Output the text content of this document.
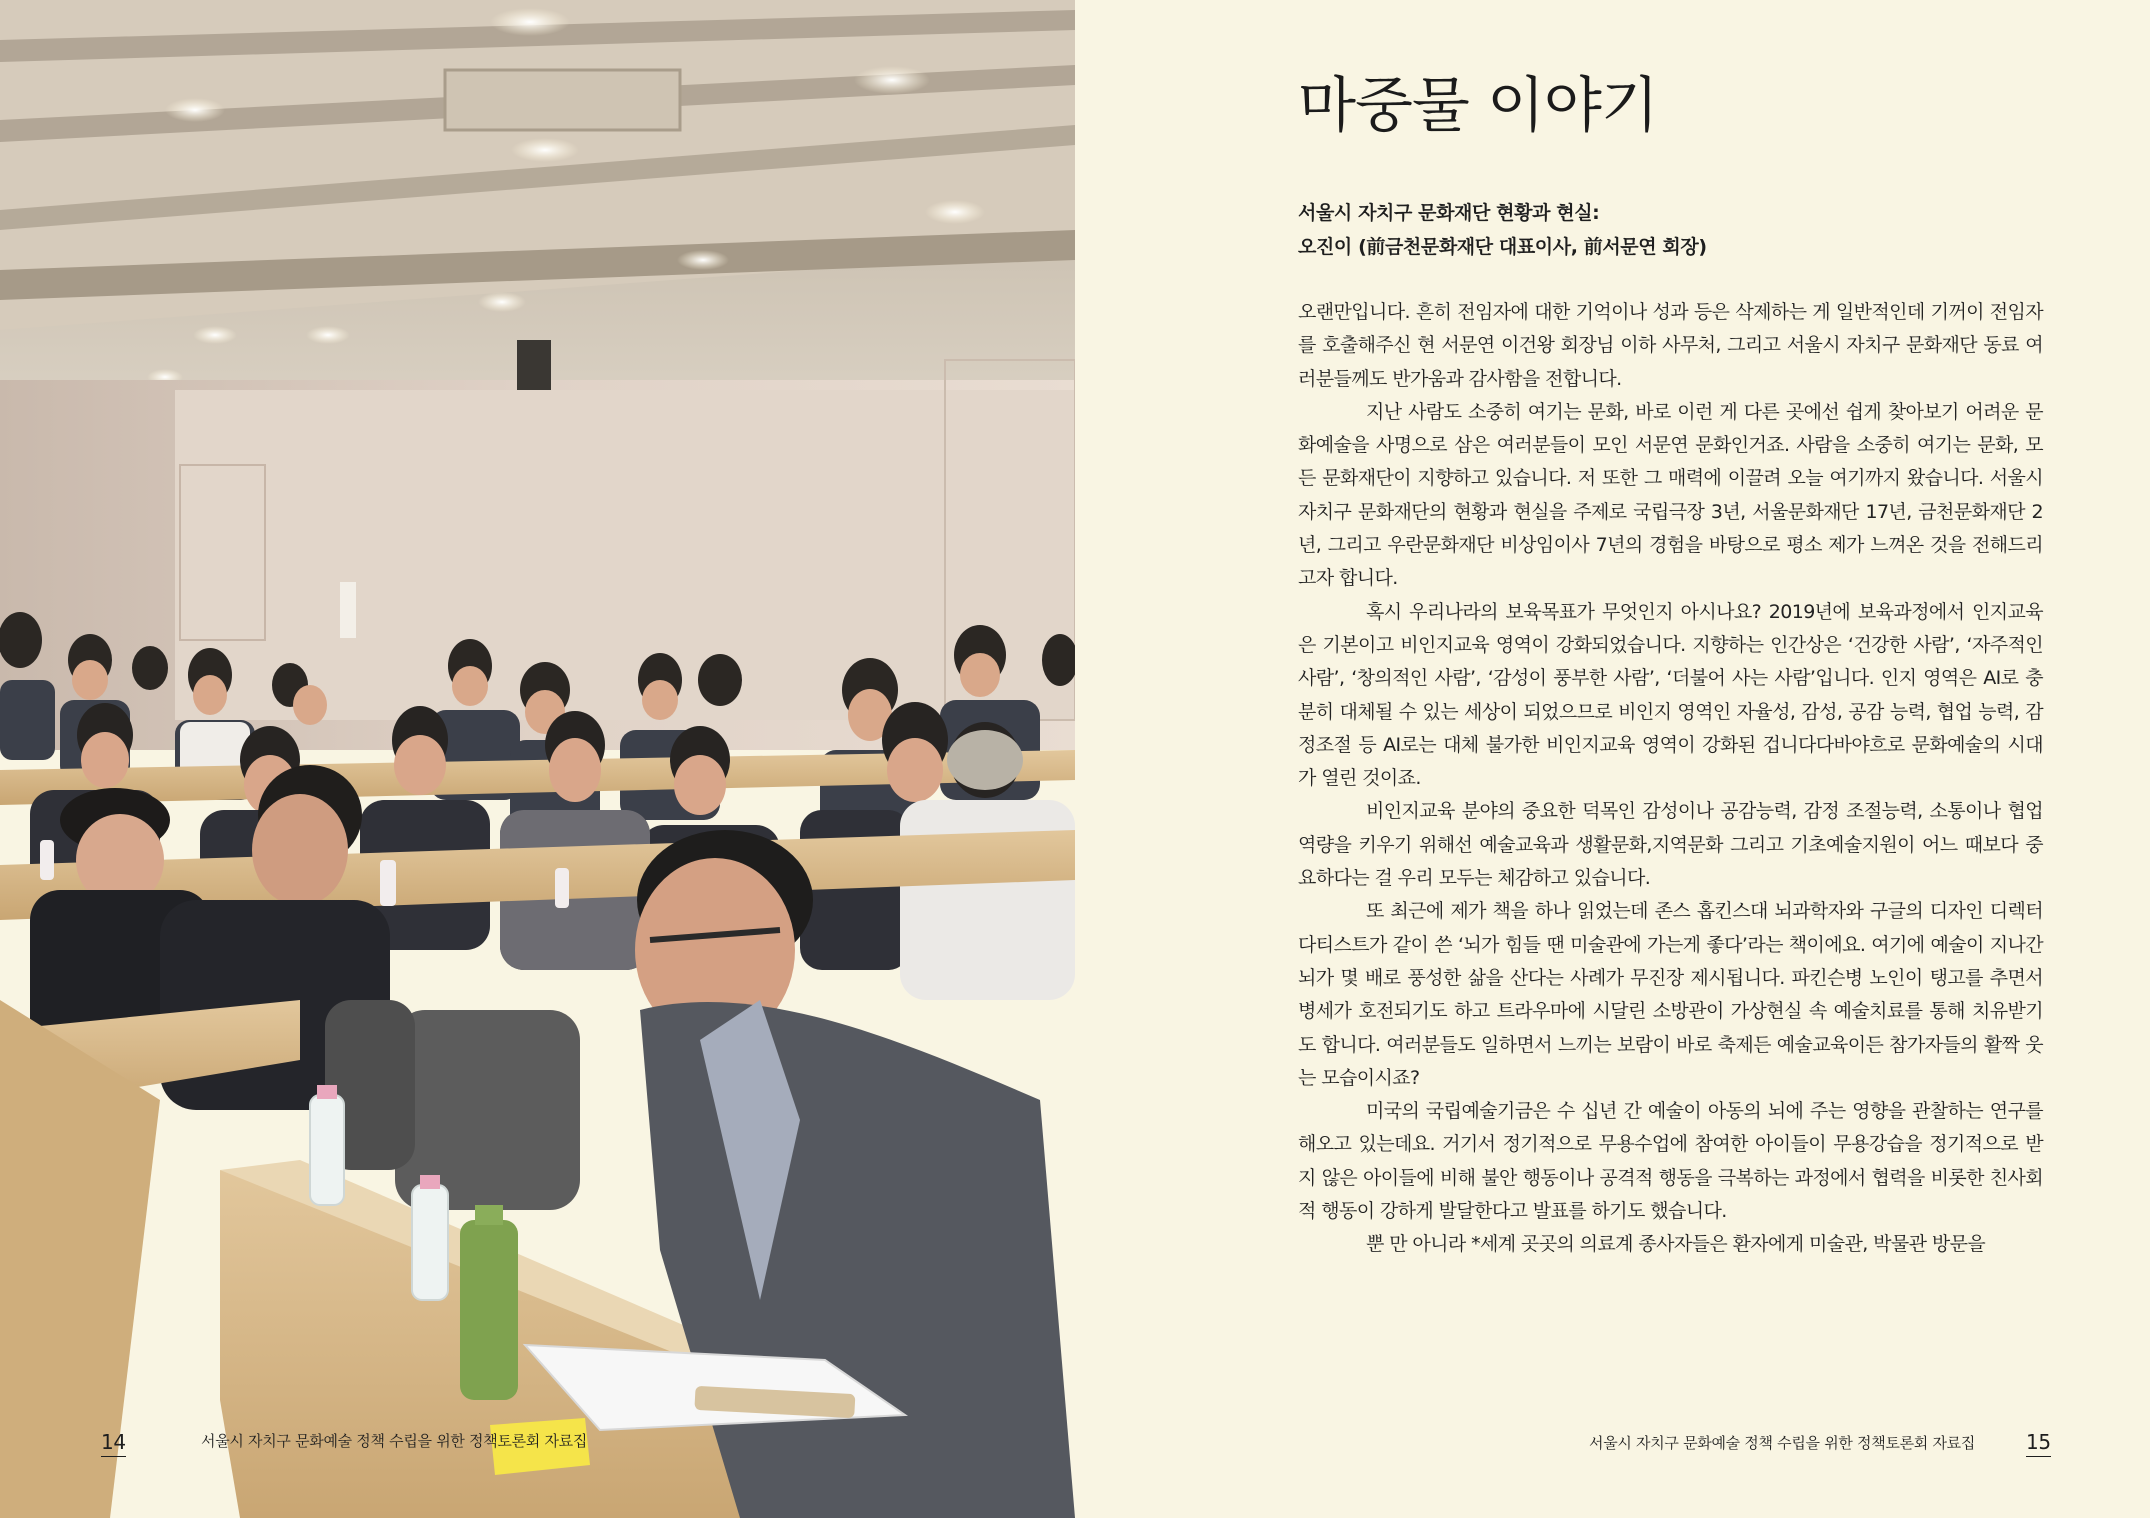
14	서울시 자치구 문화예술 정책 수립을 위한 정책토론회 자료집
마중물 이야기
서울시 자치구 문화재단 현황과 현실:
오진이 (前금천문화재단 대표이사, 前서문연 회장)

오랜만입니다. 흔히 전임자에 대한 기억이나 성과 등은 삭제하는 게 일반적인데 기꺼이 전임자를 호출해주신 현 서문연 이건왕 회장님 이하 사무처, 그리고 서울시 자치구 문화재단 동료 여러분들께도 반가움과 감사함을 전합니다.

지난 사람도 소중히 여기는 문화, 바로 이런 게 다른 곳에선 쉽게 찾아보기 어려운 문화예술을 사명으로 삼은 여러분들이 모인 서문연 문화인거죠. 사람을 소중히 여기는 문화, 모든 문화재단이 지향하고 있습니다. 저 또한 그 매력에 이끌려 오늘 여기까지 왔습니다. 서울시 자치구 문화재단의 현황과 현실을 주제로 국립극장 3년, 서울문화재단 17년, 금천문화재단 2년, 그리고 우란문화재단 비상임이사 7년의 경험을 바탕으로 평소 제가 느껴온 것을 전해드리고자 합니다.

혹시 우리나라의 보육목표가 무엇인지 아시나요? 2019년에 보육과정에서 인지교육은 기본이고 비인지교육 영역이 강화되었습니다. 지향하는 인간상은 ‘건강한 사람’, ‘자주적인 사람’, ‘창의적인 사람’, ‘감성이 풍부한 사람’, ‘더불어 사는 사람’입니다. 인지 영역은 AI로 충분히 대체될 수 있는 세상이 되었으므로 비인지 영역인 자율성, 감성, 공감 능력, 협업 능력, 감정조절 등 AI로는 대체 불가한 비인지교육 영역이 강화된 겁니다다바야흐로 문화예술의 시대가 열린 것이죠.

비인지교육 분야의 중요한 덕목인 감성이나 공감능력, 감정 조절능력, 소통이나 협업 역량을 키우기 위해선 예술교육과 생활문화,지역문화 그리고 기초예술지원이 어느 때보다 중요하다는 걸 우리 모두는 체감하고 있습니다.

또 최근에 제가 책을 하나 읽었는데 존스 홉킨스대 뇌과학자와 구글의 디자인 디렉터 다티스트가 같이 쓴 ‘뇌가 힘들 땐 미술관에 가는게 좋다’라는 책이에요. 여기에 예술이 지나간 뇌가 몇 배로 풍성한 삶을 산다는 사례가 무진장 제시됩니다. 파킨슨병 노인이 탱고를 추면서 병세가 호전되기도 하고 트라우마에 시달린 소방관이 가상현실 속 예술치료를 통해 치유받기도 합니다. 여러분들도 일하면서 느끼는 보람이 바로 축제든 예술교육이든 참가자들의 활짝 웃는 모습이시죠?

미국의 국립예술기금은 수 십년 간 예술이 아동의 뇌에 주는 영향을 관찰하는 연구를 해오고 있는데요. 거기서 정기적으로 무용수업에 참여한 아이들이 무용강습을 정기적으로 받지 않은 아이들에 비해 불안 행동이나 공격적 행동을 극복하는 과정에서 협력을 비롯한 친사회적 행동이 강하게 발달한다고 발표를 하기도 했습니다.

뿐 만 아니라 *세계 곳곳의 의료계 종사자들은 환자에게 미술관, 박물관 방문을

서울시 자치구 문화예술 정책 수립을 위한 정책토론회 자료집	15
